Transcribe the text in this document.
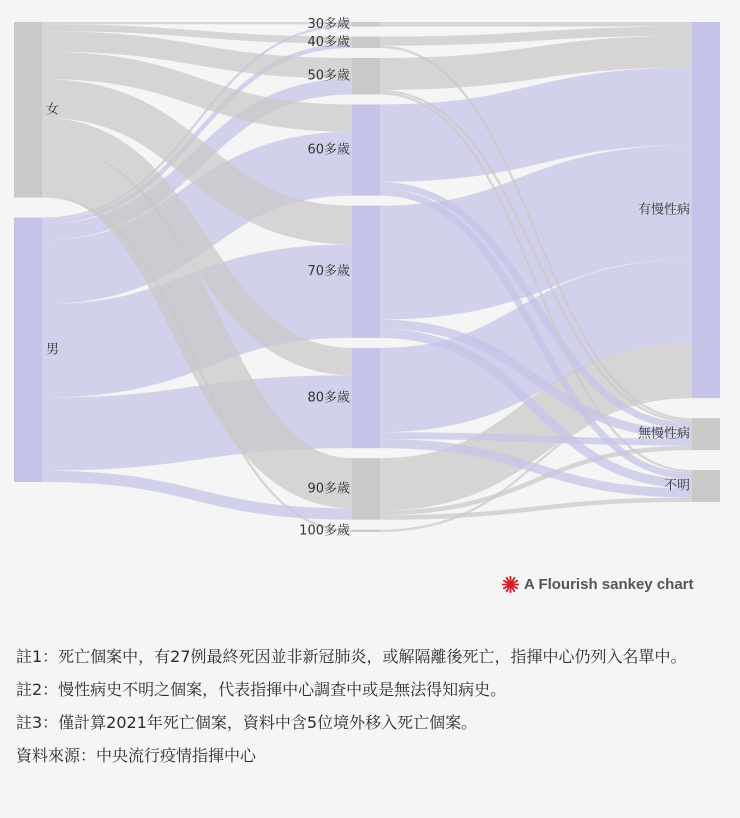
女
男
30多歲
40多歲
50多歲
60多歲
70多歲
80多歲
90多歲
100多歲
有慢性病
無慢性病
不明
A Flourish sankey chart

註1：死亡個案中，有27例最終死因並非新冠肺炎，或解隔離後死亡，指揮中心仍列入名單中。

註2：慢性病史不明之個案，代表指揮中心調查中或是無法得知病史。

註3：僅計算2021年死亡個案，資料中含5位境外移入死亡個案。

資料來源：中央流行疫情指揮中心
